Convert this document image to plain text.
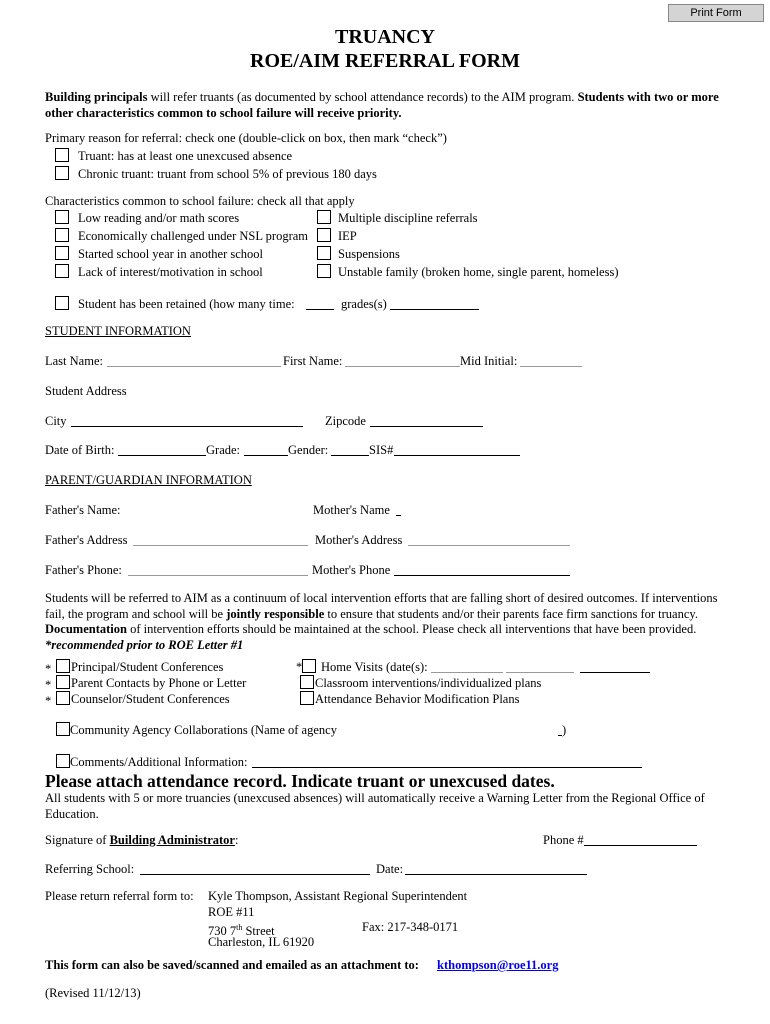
Print Form
TRUANCY
ROE/AIM REFERRAL FORM
Building principals will refer truants (as documented by school attendance records) to the AIM program. Students with two or more other characteristics common to school failure will receive priority.
Primary reason for referral: check one (double-click on box, then mark “check”)
Truant: has at least one unexcused absence
Chronic truant: truant from school 5% of previous 180 days
Characteristics common to school failure: check all that apply
Low reading and/or math scores
Economically challenged under NSL program
Started school year in another school
Lack of interest/motivation in school
Multiple discipline referrals
IEP
Suspensions
Unstable family (broken home, single parent, homeless)
Student has been retained (how many time:	grades(s)
STUDENT INFORMATION
Last Name:	First Name:	Mid Initial:
Student Address
City	Zipcode
Date of Birth:	Grade:	Gender:	SIS#
PARENT/GUARDIAN INFORMATION
Father's Name:	Mother's Name
Father's Address	Mother's Address
Father's Phone:	Mother's Phone
Students will be referred to AIM as a continuum of local intervention efforts that are falling short of desired outcomes. If interventions fail, the program and school will be jointly responsible to ensure that students and/or their parents face firm sanctions for truancy. Documentation of intervention efforts should be maintained at the school. Please check all interventions that have been provided. *recommended prior to ROE Letter #1
* Principal/Student Conferences
* Parent Contacts by Phone or Letter
* Counselor/Student Conferences
* Home Visits (date(s):
Classroom interventions/individualized plans
Attendance Behavior Modification Plans
Community Agency Collaborations (Name of agency	)
Comments/Additional Information:
Please attach attendance record. Indicate truant or unexcused dates.
All students with 5 or more truancies (unexcused absences) will automatically receive a Warning Letter from the Regional Office of Education.
Signature of Building Administrator:	Phone #
Referring School:	Date:
Please return referral form to: Kyle Thompson, Assistant Regional Superintendent
ROE #11
730 7th Street	Fax: 217-348-0171
Charleston, IL 61920
This form can also be saved/scanned and emailed as an attachment to: kthompson@roe11.org
(Revised 11/12/13)
